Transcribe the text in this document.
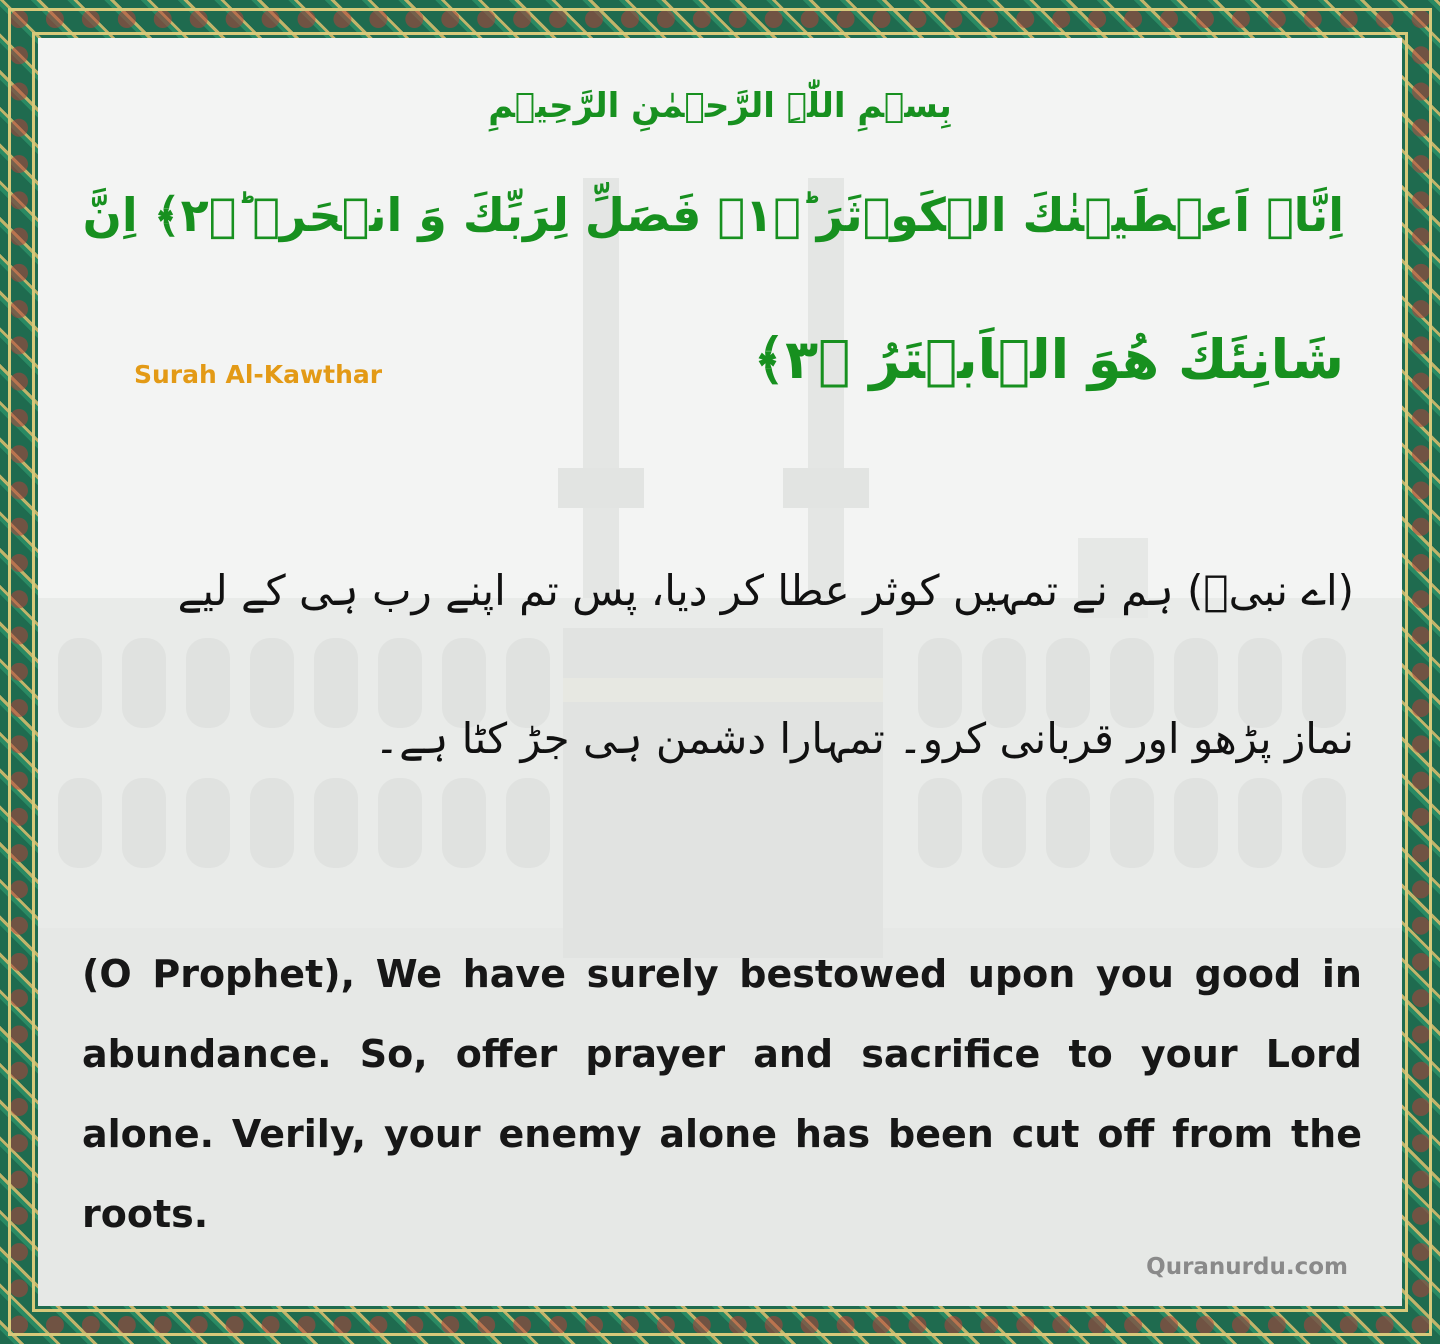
بِسۡمِ اللّٰہِ الرَّحۡمٰنِ الرَّحِیۡمِ

اِنَّاۤ اَعۡطَیۡنٰكَ الۡكَوۡثَرَ ؕ﴿۱﴾ فَصَلِّ لِرَبِّكَ وَ انۡحَرۡ ؕ﴿۲﴾ اِنَّ

شَانِئَكَ هُوَ الۡاَبۡتَرُ ﴿۳﴾

Surah Al-Kawthar

(اے نبیؐ) ہم نے تمہیں کوثر عطا کر دیا، پس تم اپنے رب ہی کے لیے

نماز پڑھو اور قربانی کرو۔ تمہارا دشمن ہی جڑ کٹا ہے۔

(O Prophet), We have surely bestowed upon you good in abundance. So, offer prayer and sacrifice to your Lord alone. Verily, your enemy alone has been cut off from the roots.

Quranurdu.com
